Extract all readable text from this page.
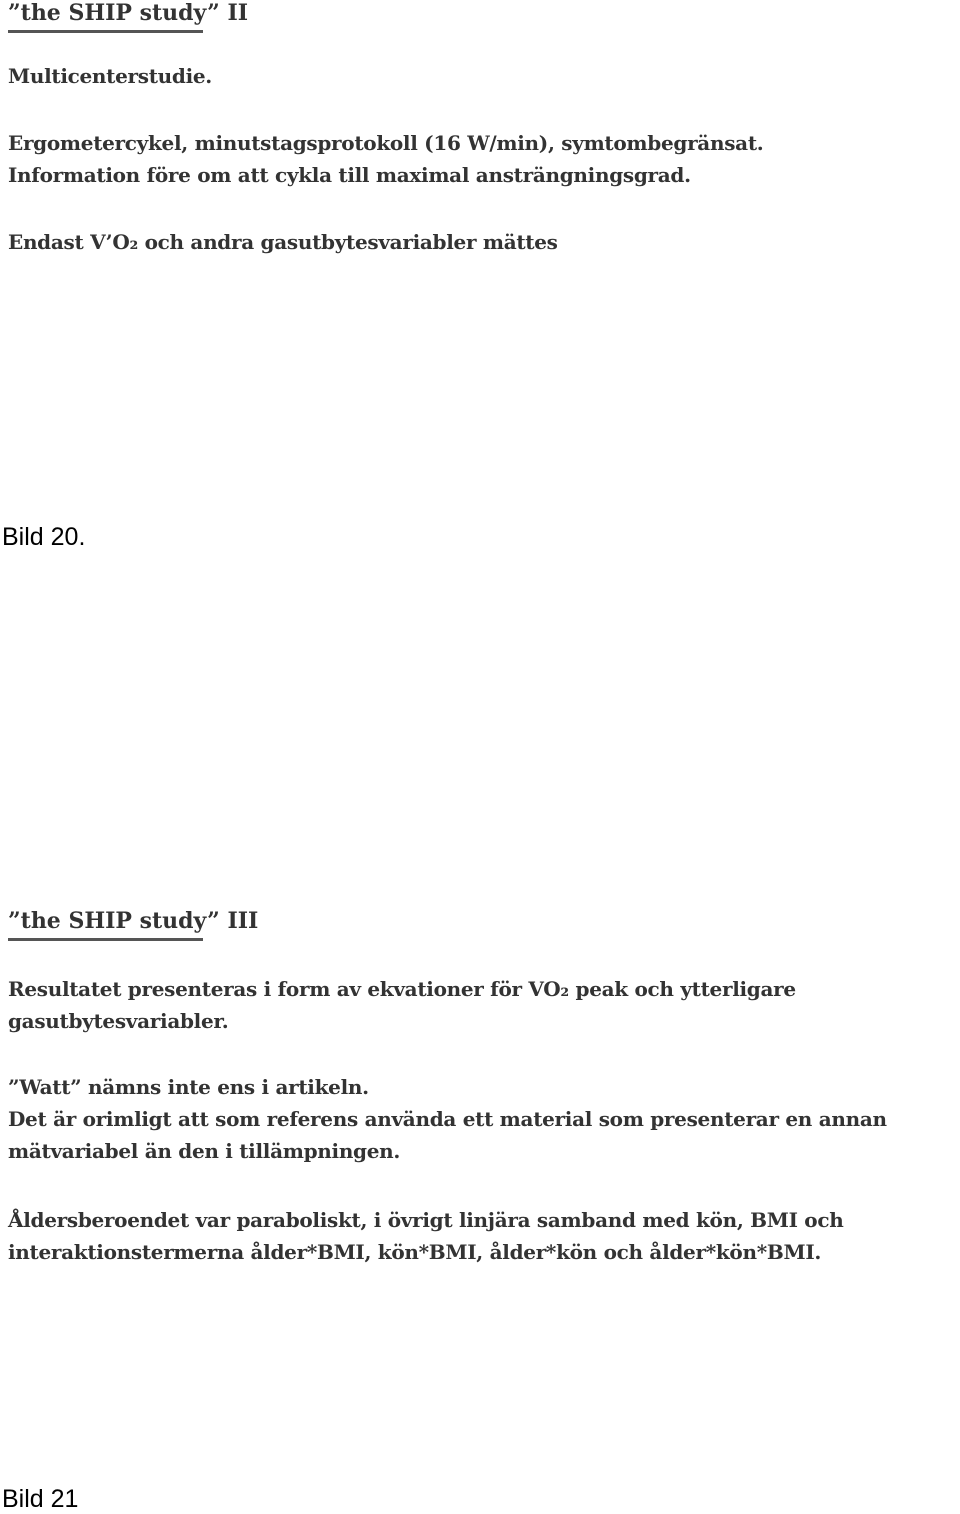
”the SHIP study” II
Multicenterstudie.
Ergometercykel, minutstagsprotokoll (16 W/min), symtombegränsat.
Information före om att cykla till maximal ansträngningsgrad.
Endast V’O₂ och andra gasutbytesvariabler mättes
Bild 20.
”the SHIP study” III
Resultatet presenteras i form av ekvationer för VO₂ peak och ytterligare
gasutbytesvariabler.
”Watt” nämns inte ens i artikeln.
Det är orimligt att som referens använda ett material som presenterar en annan
mätvariabel än den i tillämpningen.
Åldersberoendet var paraboliskt, i övrigt linjära samband med kön, BMI och
interaktionstermerna ålder*BMI, kön*BMI, ålder*kön och ålder*kön*BMI.
Bild 21
